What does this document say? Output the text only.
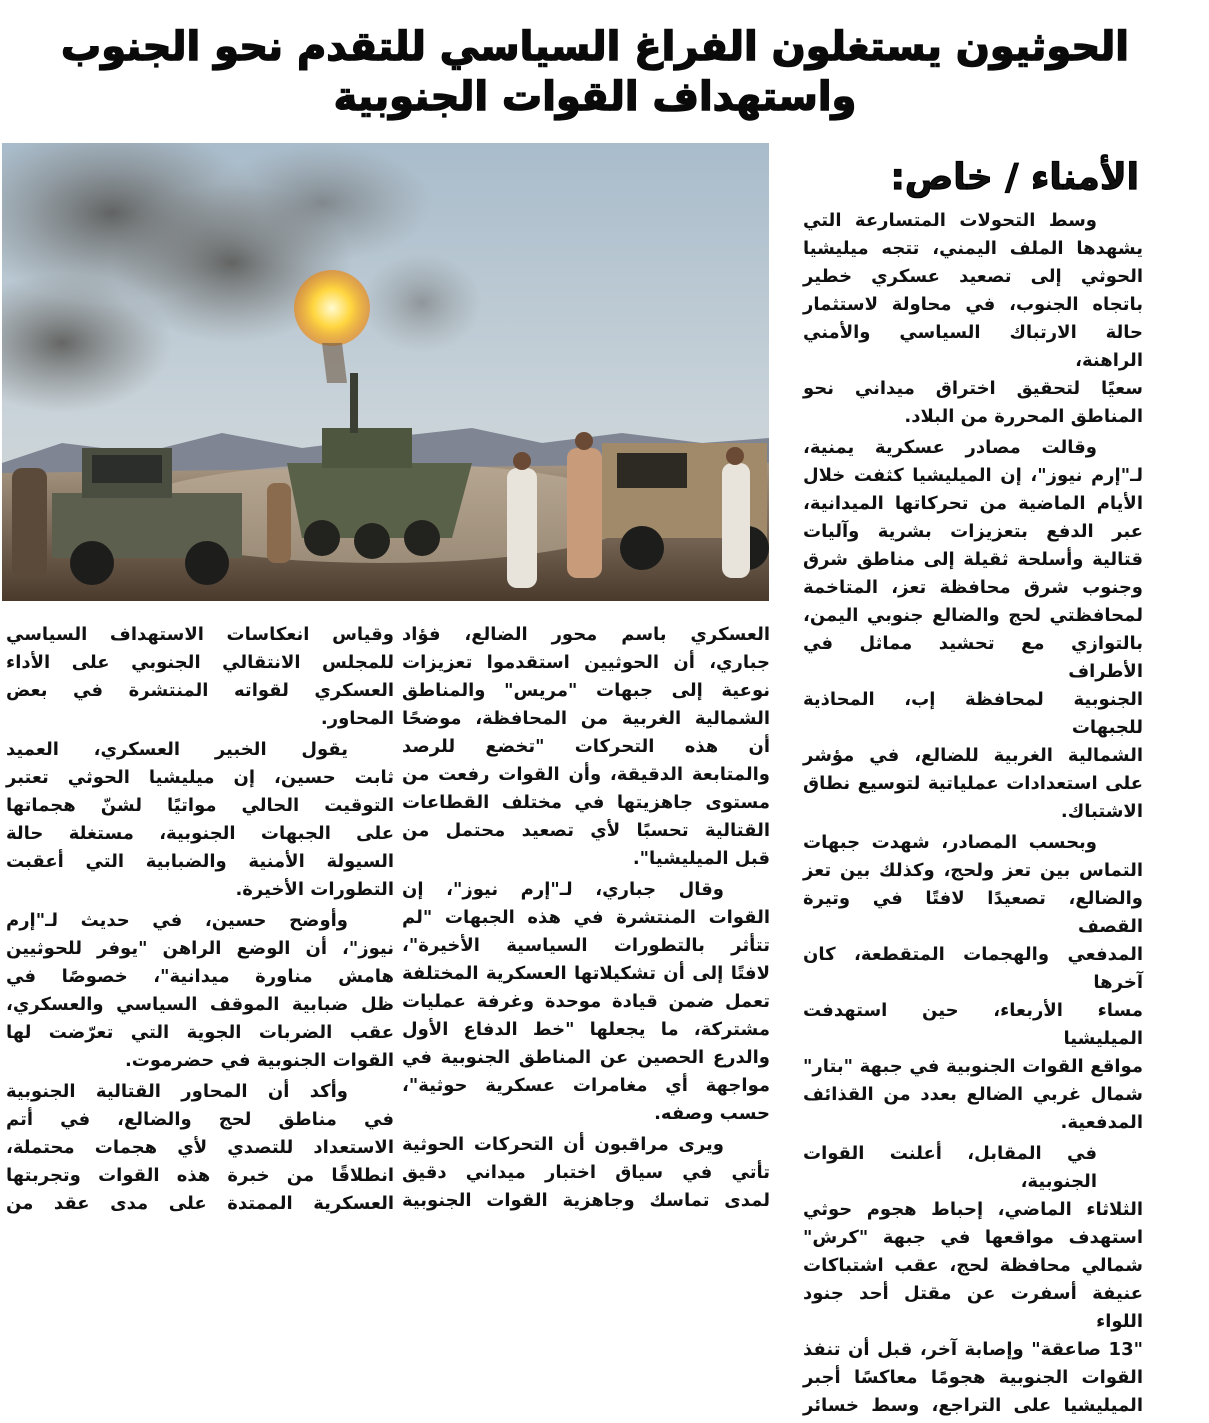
الحوثيون يستغلون الفراغ السياسي للتقدم نحو الجنوب واستهداف القوات الجنوبية
الأمناء / خاص:
وسط التحولات المتسارعة التي
يشهدها الملف اليمني، تتجه ميليشيا
الحوثي إلى تصعيد عسكري خطير
باتجاه الجنوب، في محاولة لاستثمار
حالة الارتباك السياسي والأمني الراهنة،
سعيًا لتحقيق اختراق ميداني نحو
المناطق المحررة من البلاد.
وقالت مصادر عسكرية يمنية،
لـ"إرم نيوز"، إن الميليشيا كثفت خلال
الأيام الماضية من تحركاتها الميدانية،
عبر الدفع بتعزيزات بشرية وآليات
قتالية وأسلحة ثقيلة إلى مناطق شرق
وجنوب شرق محافظة تعز، المتاخمة
لمحافظتي لحج والضالع جنوبي اليمن،
بالتوازي مع تحشيد مماثل في الأطراف
الجنوبية لمحافظة إب، المحاذية للجبهات
الشمالية الغربية للضالع، في مؤشر
على استعدادات عملياتية لتوسيع نطاق
الاشتباك.
وبحسب المصادر، شهدت جبهات
التماس بين تعز ولحج، وكذلك بين تعز
والضالع، تصعيدًا لافتًا في وتيرة القصف
المدفعي والهجمات المتقطعة، كان آخرها
مساء الأربعاء، حين استهدفت الميليشيا
مواقع القوات الجنوبية في جبهة "بتار"
شمال غربي الضالع بعدد من القذائف
المدفعية.
في المقابل، أعلنت القوات الجنوبية،
الثلاثاء الماضي، إحباط هجوم حوثي
استهدف مواقعها في جبهة "كرش"
شمالي محافظة لحج، عقب اشتباكات
عنيفة أسفرت عن مقتل أحد جنود اللواء
"13 صاعقة" وإصابة آخر، قبل أن تنفذ
القوات الجنوبية هجومًا معاكسًا أجبر
الميليشيا على التراجع، وسط خسائر
العسكري باسم محور الضالع، فؤاد
جباري، أن الحوثيين استقدموا تعزيزات
نوعية إلى جبهات "مريس" والمناطق
الشمالية الغربية من المحافظة، موضحًا
أن هذه التحركات "تخضع للرصد
والمتابعة الدقيقة، وأن القوات رفعت من
مستوى جاهزيتها في مختلف القطاعات
القتالية تحسبًا لأي تصعيد محتمل من
قبل الميليشيا".
وقال جباري، لـ"إرم نيوز"، إن
القوات المنتشرة في هذه الجبهات "لم
تتأثر بالتطورات السياسية الأخيرة"،
لافتًا إلى أن تشكيلاتها العسكرية المختلفة
تعمل ضمن قيادة موحدة وغرفة عمليات
مشتركة، ما يجعلها "خط الدفاع الأول
والدرع الحصين عن المناطق الجنوبية في
مواجهة أي مغامرات عسكرية حوثية"،
حسب وصفه.
ويرى مراقبون أن التحركات الحوثية
تأتي في سياق اختبار ميداني دقيق
لمدى تماسك وجاهزية القوات الجنوبية
وقياس انعكاسات الاستهداف السياسي
للمجلس الانتقالي الجنوبي على الأداء
العسكري لقواته المنتشرة في بعض
المحاور.
يقول الخبير العسكري، العميد
ثابت حسين، إن ميليشيا الحوثي تعتبر
التوقيت الحالي مواتيًا لشنّ هجماتها
على الجبهات الجنوبية، مستغلة حالة
السيولة الأمنية والضبابية التي أعقبت
التطورات الأخيرة.
وأوضح حسين، في حديث لـ"إرم
نيوز"، أن الوضع الراهن "يوفر للحوثيين
هامش مناورة ميدانية"، خصوصًا في
ظل ضبابية الموقف السياسي والعسكري،
عقب الضربات الجوية التي تعرّضت لها
القوات الجنوبية في حضرموت.
وأكد أن المحاور القتالية الجنوبية
في مناطق لحج والضالع، في أتم
الاستعداد للتصدي لأي هجمات محتملة،
انطلاقًا من خبرة هذه القوات وتجربتها
العسكرية الممتدة على مدى عقد من
